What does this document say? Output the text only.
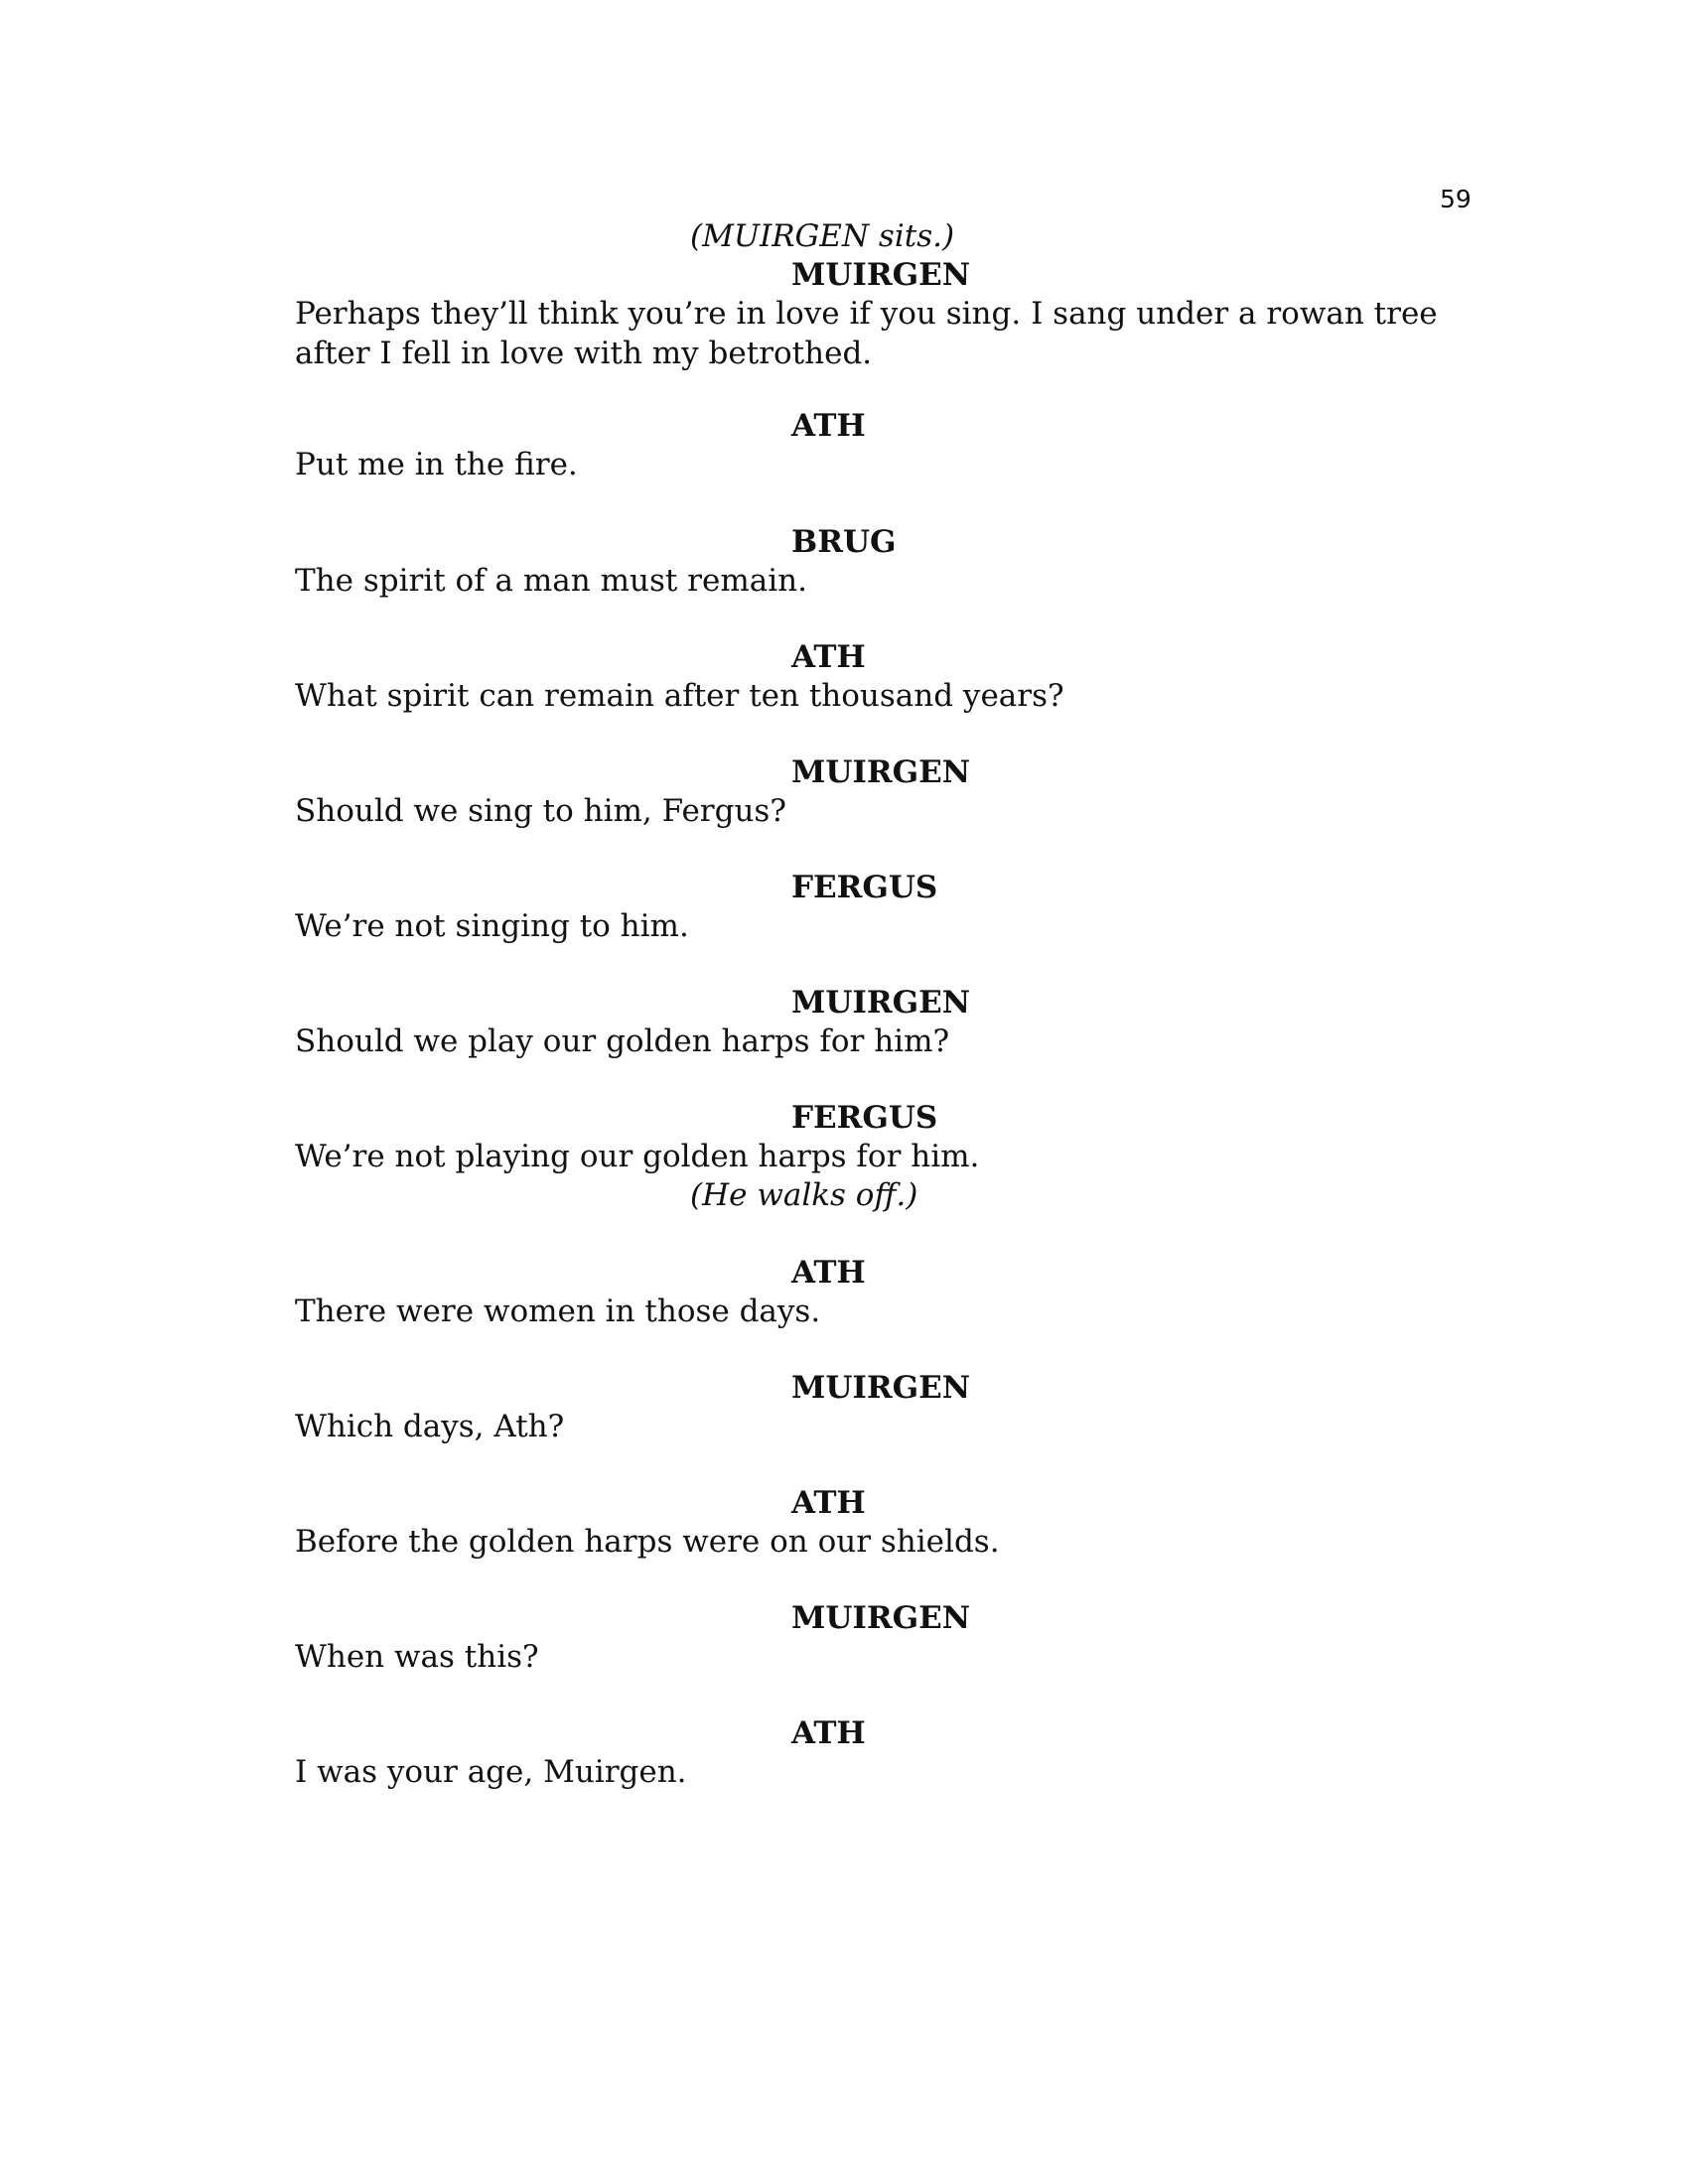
59
(MUIRGEN sits.)
MUIRGEN
Perhaps they’ll think you’re in love if you sing. I sang under a rowan tree after I fell in love with my betrothed.
ATH
Put me in the fire.
BRUG
The spirit of a man must remain.
ATH
What spirit can remain after ten thousand years?
MUIRGEN
Should we sing to him, Fergus?
FERGUS
We’re not singing to him.
MUIRGEN
Should we play our golden harps for him?
FERGUS
We’re not playing our golden harps for him.
(He walks off.)
ATH
There were women in those days.
MUIRGEN
Which days, Ath?
ATH
Before the golden harps were on our shields.
MUIRGEN
When was this?
ATH
I was your age, Muirgen.
